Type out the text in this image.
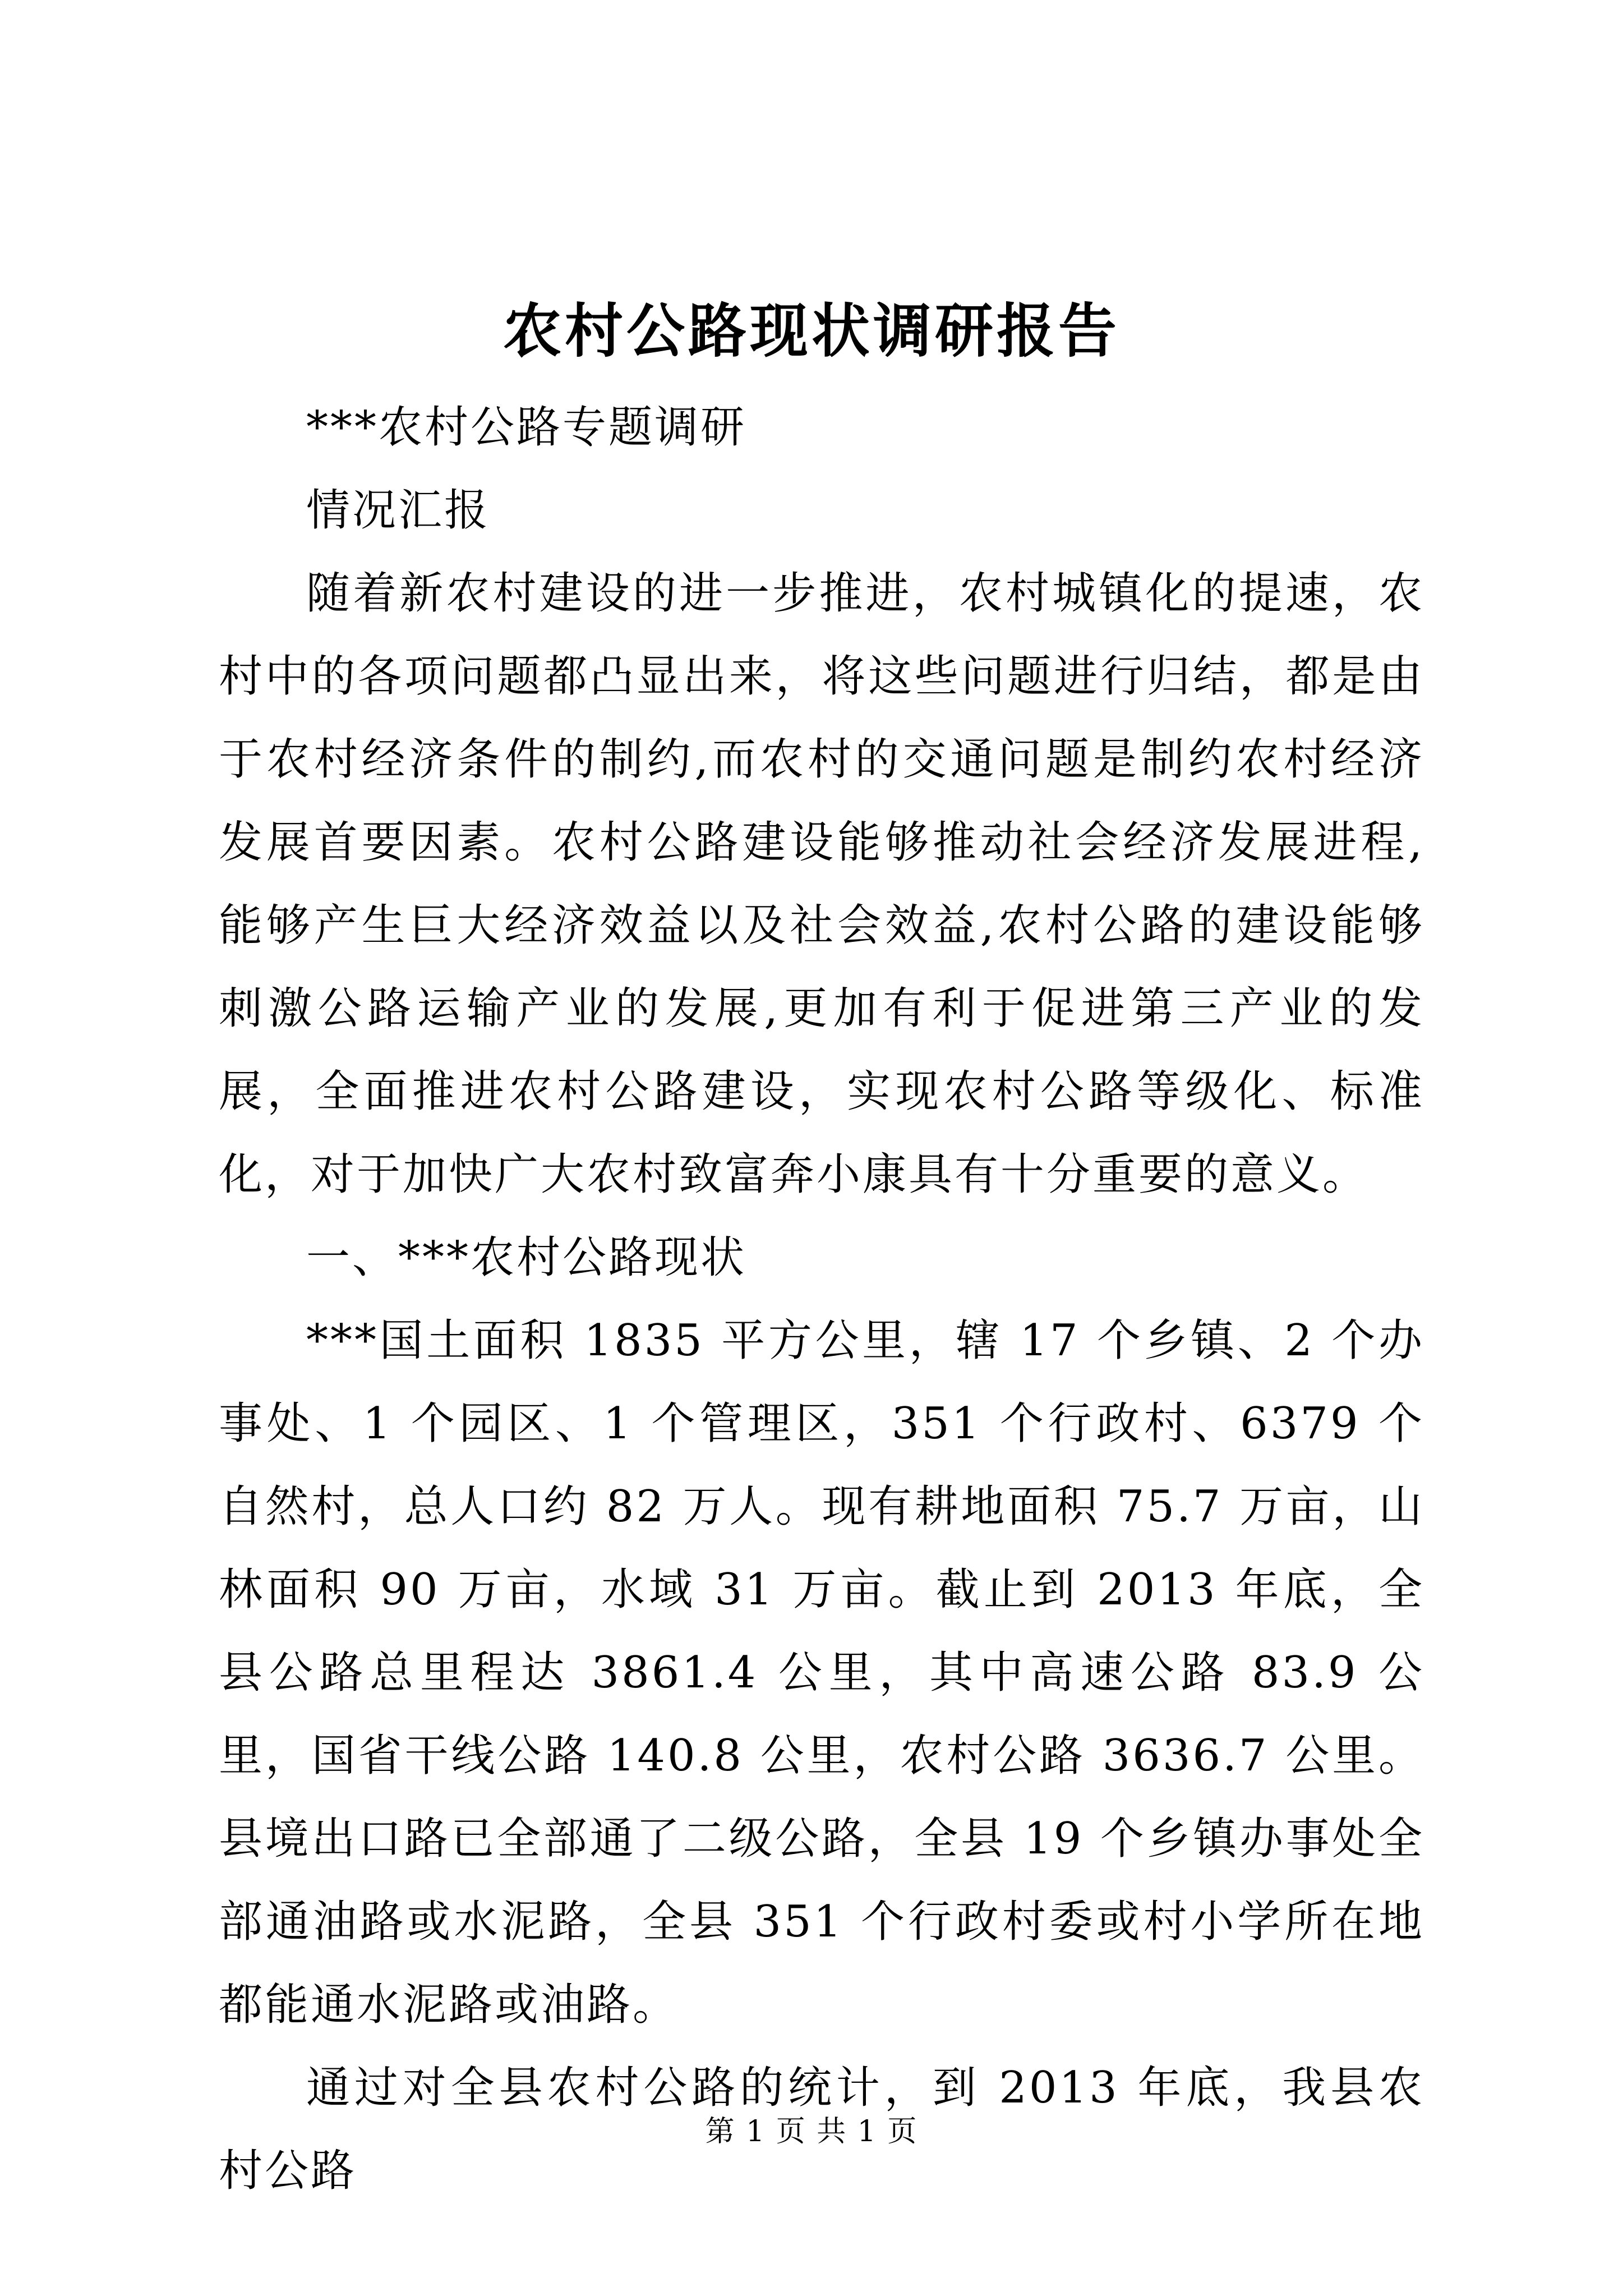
农村公路现状调研报告

***农村公路专题调研

情况汇报

随着新农村建设的进一步推进，农村城镇化的提速，农村中的各项问题都凸显出来，将这些问题进行归结，都是由于农村经济条件的制约,而农村的交通问题是制约农村经济发展首要因素。农村公路建设能够推动社会经济发展进程,能够产生巨大经济效益以及社会效益,农村公路的建设能够刺激公路运输产业的发展,更加有利于促进第三产业的发展，全面推进农村公路建设，实现农村公路等级化、标准化，对于加快广大农村致富奔小康具有十分重要的意义。

一、***农村公路现状

***国土面积 1835 平方公里，辖 17 个乡镇、2 个办事处、1 个园区、1 个管理区，351 个行政村、6379 个自然村，总人口约 82 万人。现有耕地面积 75.7 万亩，山林面积 90 万亩，水域 31 万亩。截止到 2013 年底，全县公路总里程达 3861.4 公里，其中高速公路 83.9 公里，国省干线公路 140.8 公里，农村公路 3636.7 公里。县境出口路已全部通了二级公路，全县 19 个乡镇办事处全部通油路或水泥路，全县 351 个行政村委或村小学所在地都能通水泥路或油路。

通过对全县农村公路的统计，到 2013 年底，我县农村公路

第 1 页 共 1 页
